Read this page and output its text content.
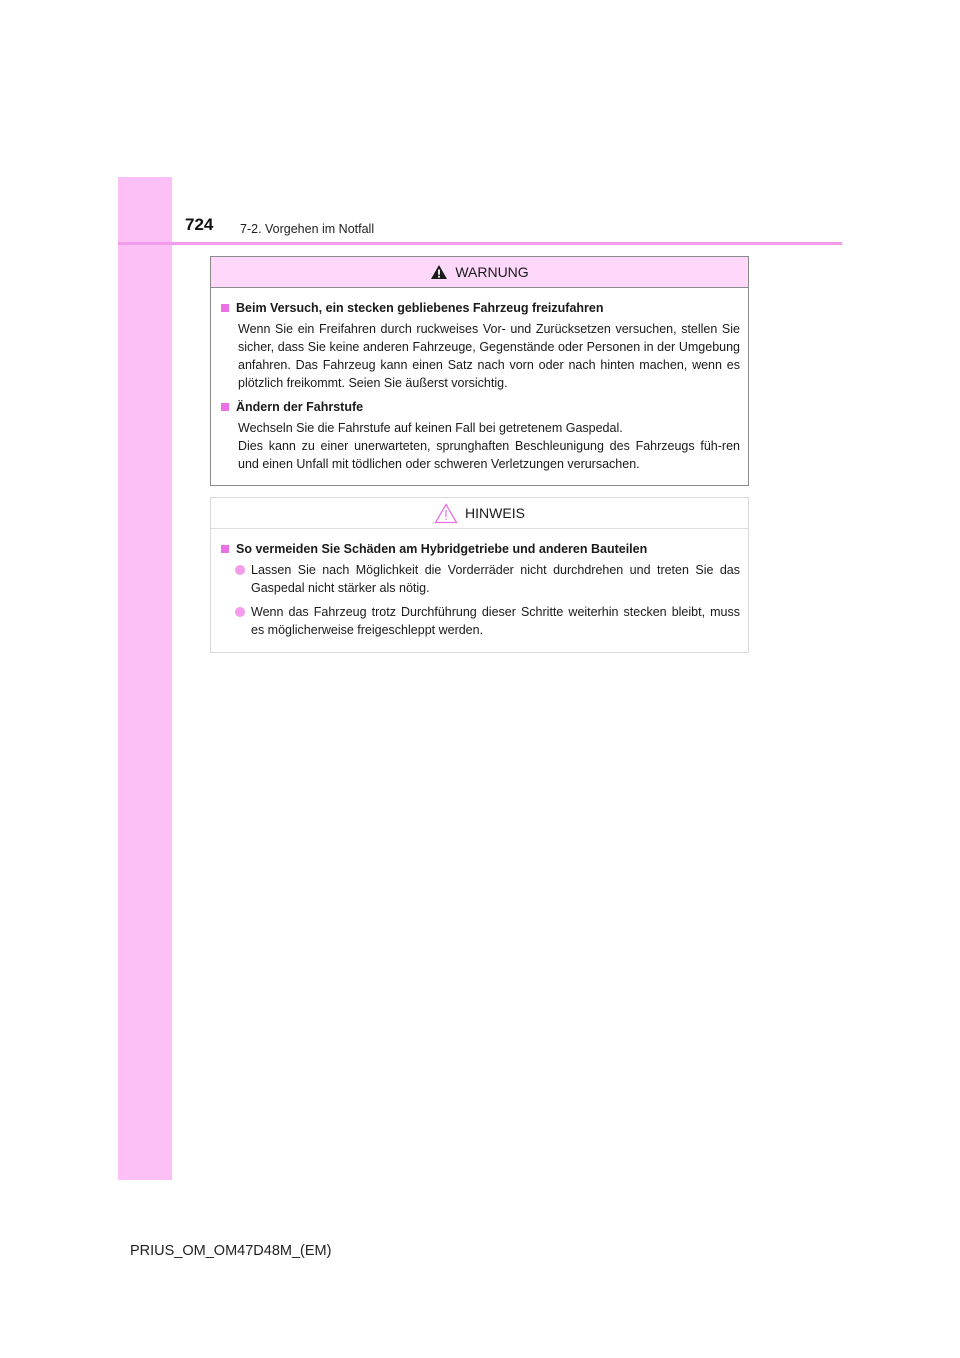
724 7-2. Vorgehen im Notfall
WARNUNG
Beim Versuch, ein stecken gebliebenes Fahrzeug freizufahren
Wenn Sie ein Freifahren durch ruckweises Vor- und Zurücksetzen versuchen, stellen Sie sicher, dass Sie keine anderen Fahrzeuge, Gegenstände oder Personen in der Umgebung anfahren. Das Fahrzeug kann einen Satz nach vorn oder nach hinten machen, wenn es plötzlich freikommt. Seien Sie äußerst vorsichtig.
Ändern der Fahrstufe
Wechseln Sie die Fahrstufe auf keinen Fall bei getretenem Gaspedal.
Dies kann zu einer unerwarteten, sprunghaften Beschleunigung des Fahrzeugs füh-ren und einen Unfall mit tödlichen oder schweren Verletzungen verursachen.
HINWEIS
So vermeiden Sie Schäden am Hybridgetriebe und anderen Bauteilen
Lassen Sie nach Möglichkeit die Vorderräder nicht durchdrehen und treten Sie das Gaspedal nicht stärker als nötig.
Wenn das Fahrzeug trotz Durchführung dieser Schritte weiterhin stecken bleibt, muss es möglicherweise freigeschleppt werden.
PRIUS_OM_OM47D48M_(EM)
